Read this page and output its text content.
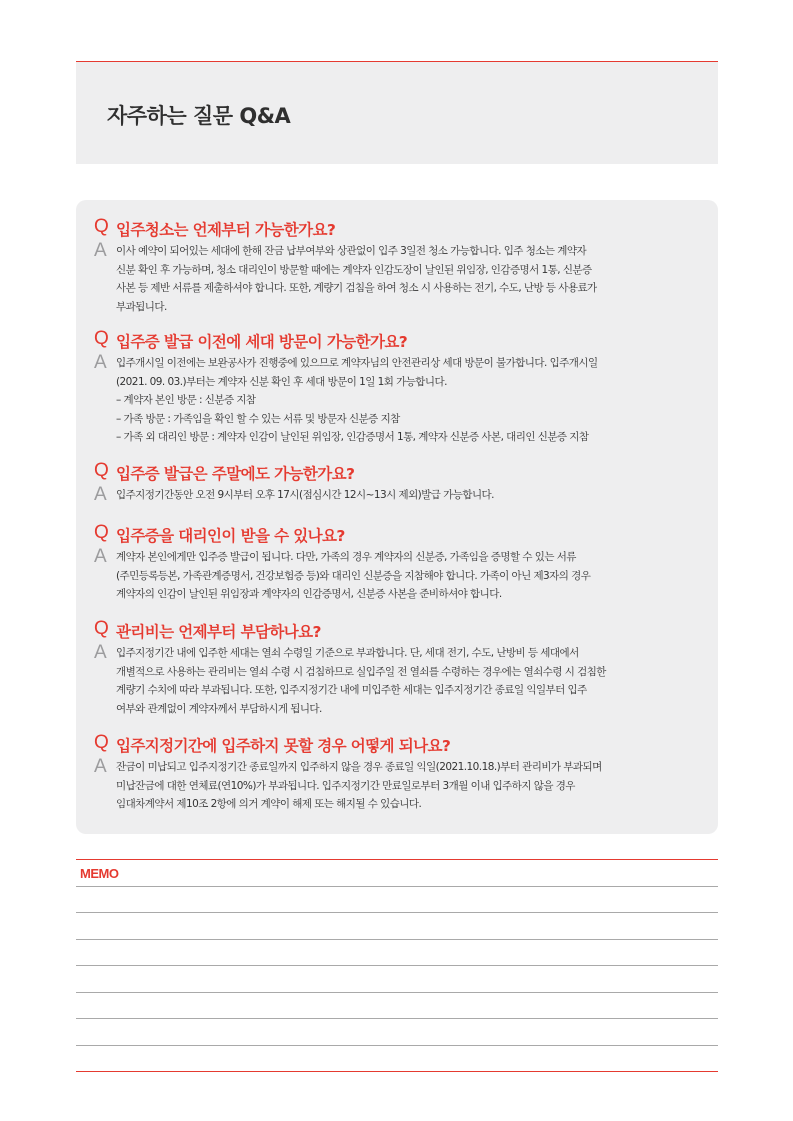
자주하는 질문 Q&A
Q 입주청소는 언제부터 가능한가요?
A 이사 예약이 되어있는 세대에 한해 잔금 납부여부와 상관없이 입주 3일전 청소 가능합니다. 입주 청소는 계약자
신분 확인 후 가능하며, 청소 대리인이 방문할 때에는 계약자 인감도장이 날인된 위임장, 인감증명서 1통, 신분증
사본 등 제반 서류를 제출하셔야 합니다. 또한, 계량기 검침을 하여 청소 시 사용하는 전기, 수도, 난방 등 사용료가
부과됩니다.
Q 입주증 발급 이전에 세대 방문이 가능한가요?
A 입주개시일 이전에는 보완공사가 진행중에 있으므로 계약자님의 안전관리상 세대 방문이 불가합니다. 입주개시일
(2021. 09. 03.)부터는 계약자 신분 확인 후 세대 방문이 1일 1회 가능합니다.
– 계약자 본인 방문 : 신분증 지참
– 가족 방문 : 가족임을 확인 할 수 있는 서류 및 방문자 신분증 지참
– 가족 외 대리인 방문 : 계약자 인감이 날인된 위임장, 인감증명서 1통, 계약자 신분증 사본, 대리인 신분증 지참
Q 입주증 발급은 주말에도 가능한가요?
A 입주지정기간동안 오전 9시부터 오후 17시(점심시간 12시~13시 제외)발급 가능합니다.
Q 입주증을 대리인이 받을 수 있나요?
A 계약자 본인에게만 입주증 발급이 됩니다. 다만, 가족의 경우 계약자의 신분증, 가족임을 증명할 수 있는 서류
(주민등록등본, 가족관계증명서, 건강보험증 등)와 대리인 신분증을 지참해야 합니다. 가족이 아닌 제3자의 경우
계약자의 인감이 날인된 위임장과 계약자의 인감증명서, 신분증 사본을 준비하셔야 합니다.
Q 관리비는 언제부터 부담하나요?
A 입주지정기간 내에 입주한 세대는 열쇠 수령일 기준으로 부과합니다. 단, 세대 전기, 수도, 난방비 등 세대에서
개별적으로 사용하는 관리비는 열쇠 수령 시 검침하므로 실입주일 전 열쇠를 수령하는 경우에는 열쇠수령 시 검침한
계량기 수치에 따라 부과됩니다. 또한, 입주지정기간 내에 미입주한 세대는 입주지정기간 종료일 익일부터 입주
여부와 관계없이 계약자께서 부담하시게 됩니다.
Q 입주지정기간에 입주하지 못할 경우 어떻게 되나요?
A 잔금이 미납되고 입주지정기간 종료일까지 입주하지 않을 경우 종료일 익일(2021.10.18.)부터 관리비가 부과되며
미납잔금에 대한 연체료(연10%)가 부과됩니다. 입주지정기간 만료일로부터 3개월 이내 입주하지 않을 경우
임대차계약서 제10조 2항에 의거 계약이 해제 또는 해지될 수 있습니다.
MEMO
